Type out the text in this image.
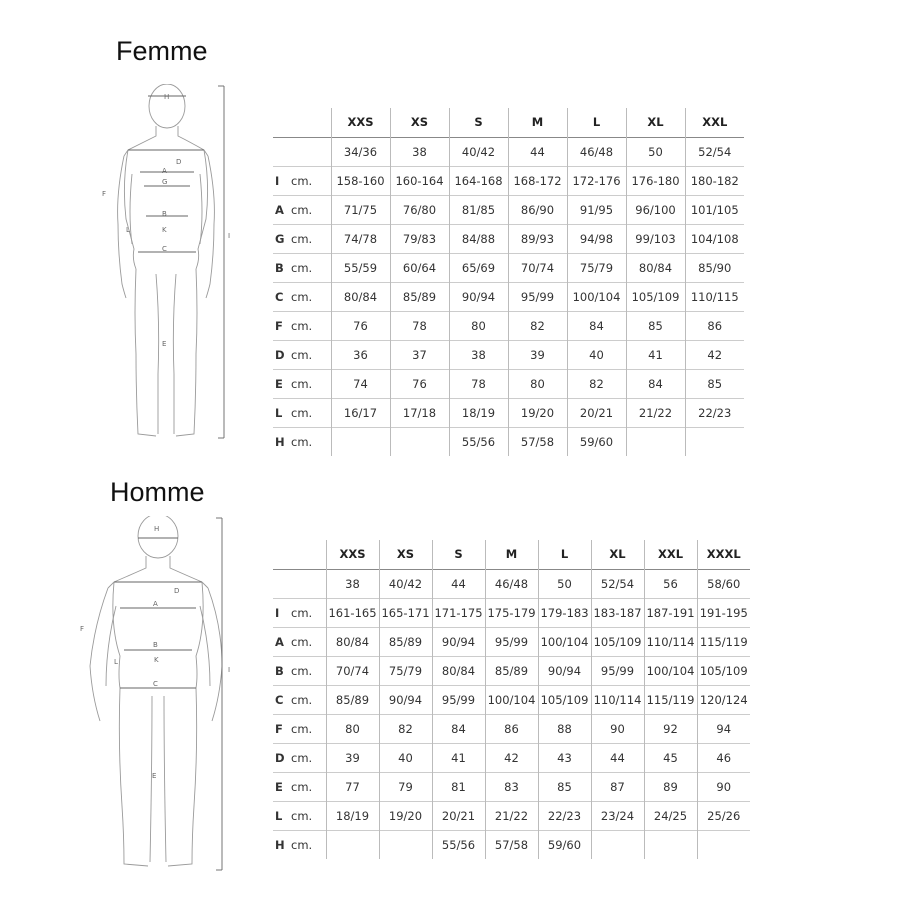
Femme
H
D
A
G
B
C
F
L
E
I
K
		XXS	XS	S	M	L	XL	XXL
		34/36	38	40/42	44	46/48	50	52/54
I	cm.	158-160	160-164	164-168	168-172	172-176	176-180	180-182
A	cm.	71/75	76/80	81/85	86/90	91/95	96/100	101/105
G	cm.	74/78	79/83	84/88	89/93	94/98	99/103	104/108
B	cm.	55/59	60/64	65/69	70/74	75/79	80/84	85/90
C	cm.	80/84	85/89	90/94	95/99	100/104	105/109	110/115
F	cm.	76	78	80	82	84	85	86
D	cm.	36	37	38	39	40	41	42
E	cm.	74	76	78	80	82	84	85
L	cm.	16/17	17/18	18/19	19/20	20/21	21/22	22/23
H	cm.			55/56	57/58	59/60		
Homme
H
D
A
B
C
F
L
E
I
K
		XXS	XS	S	M	L	XL	XXL	XXXL
		38	40/42	44	46/48	50	52/54	56	58/60
I	cm.	161-165	165-171	171-175	175-179	179-183	183-187	187-191	191-195
A	cm.	80/84	85/89	90/94	95/99	100/104	105/109	110/114	115/119
B	cm.	70/74	75/79	80/84	85/89	90/94	95/99	100/104	105/109
C	cm.	85/89	90/94	95/99	100/104	105/109	110/114	115/119	120/124
F	cm.	80	82	84	86	88	90	92	94
D	cm.	39	40	41	42	43	44	45	46
E	cm.	77	79	81	83	85	87	89	90
L	cm.	18/19	19/20	20/21	21/22	22/23	23/24	24/25	25/26
H	cm.			55/56	57/58	59/60			
